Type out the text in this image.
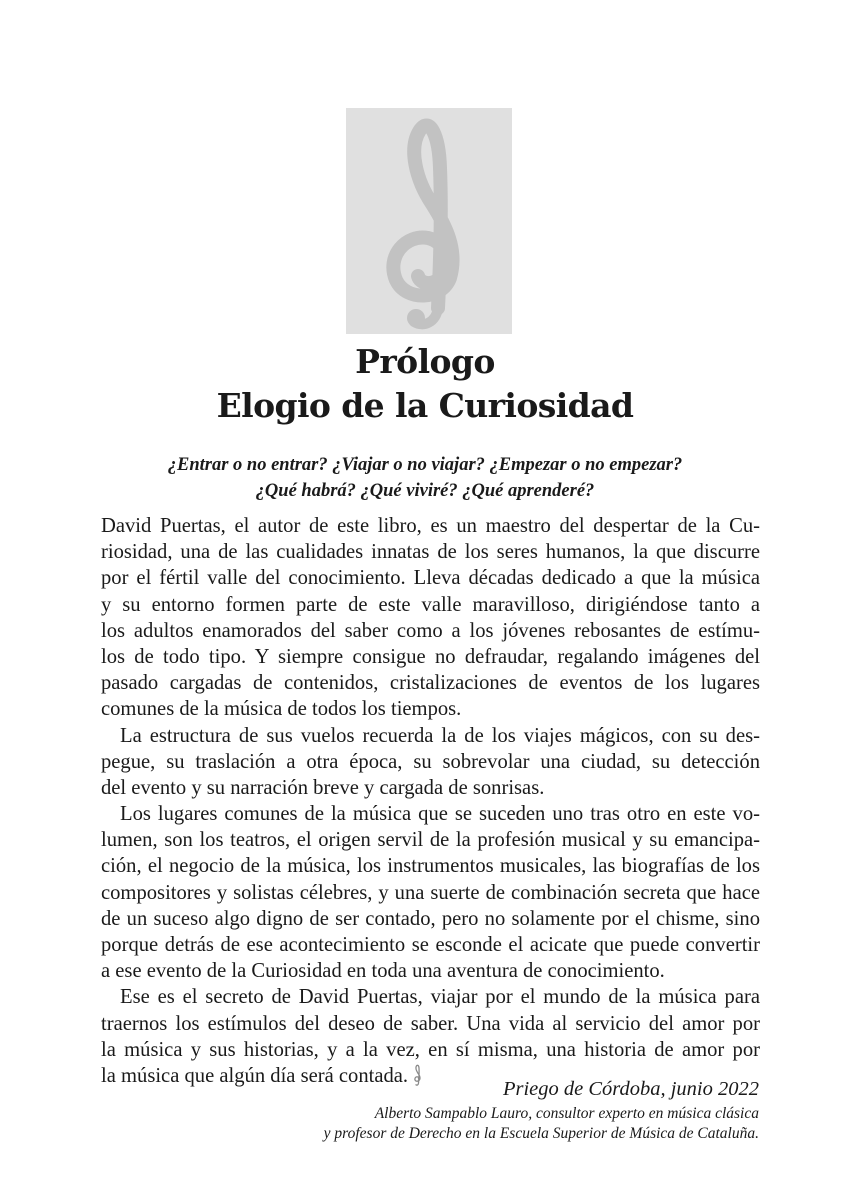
Prólogo
Elogio de la Curiosidad
¿Entrar o no entrar? ¿Viajar o no viajar? ¿Empezar o no empezar?
¿Qué habrá? ¿Qué viviré? ¿Qué aprenderé?
David Puertas, el autor de este libro, es un maestro del despertar de la Cu-
riosidad, una de las cualidades innatas de los seres humanos, la que discurre
por el fértil valle del conocimiento. Lleva décadas dedicado a que la música
y su entorno formen parte de este valle maravilloso, dirigiéndose tanto a
los adultos enamorados del saber como a los jóvenes rebosantes de estímu-
los de todo tipo. Y siempre consigue no defraudar, regalando imágenes del
pasado cargadas de contenidos, cristalizaciones de eventos de los lugares
comunes de la música de todos los tiempos.
La estructura de sus vuelos recuerda la de los viajes mágicos, con su des-
pegue, su traslación a otra época, su sobrevolar una ciudad, su detección
del evento y su narración breve y cargada de sonrisas.
Los lugares comunes de la música que se suceden uno tras otro en este vo-
lumen, son los teatros, el origen servil de la profesión musical y su emancipa-
ción, el negocio de la música, los instrumentos musicales, las biografías de los
compositores y solistas célebres, y una suerte de combinación secreta que hace
de un suceso algo digno de ser contado, pero no solamente por el chisme, sino
porque detrás de ese acontecimiento se esconde el acicate que puede convertir
a ese evento de la Curiosidad en toda una aventura de conocimiento.
Ese es el secreto de David Puertas, viajar por el mundo de la música para
traernos los estímulos del deseo de saber. Una vida al servicio del amor por
la música y sus historias, y a la vez, en sí misma, una historia de amor por
la música que algún día será contada.
Priego de Córdoba, junio 2022
Alberto Sampablo Lauro, consultor experto en música clásica
y profesor de Derecho en la Escuela Superior de Música de Cataluña.
